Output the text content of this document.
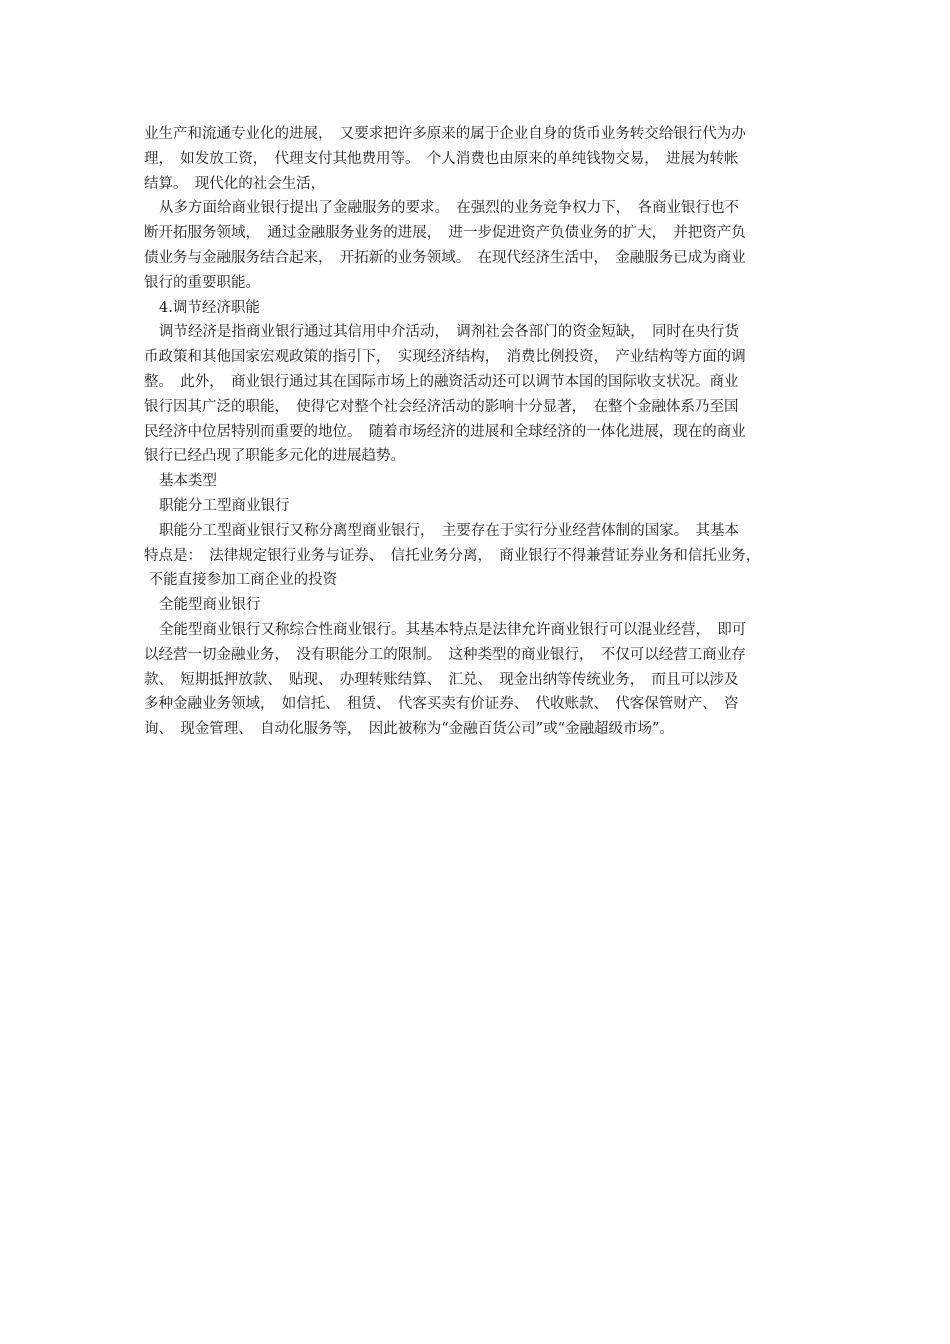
业生产和流通专业化的进展，　又要求把许多原来的属于企业自身的货币业务转交给银行代为办
理，　如发放工资，　代理支付其他费用等。　个人消费也由原来的单纯钱物交易，　进展为转帐
结算。　现代化的社会生活，
从多方面给商业银行提出了金融服务的要求。　在强烈的业务竞争权力下，　各商业银行也不
断开拓服务领域，　通过金融服务业务的进展，　进一步促进资产负债业务的扩大，　并把资产负
债业务与金融服务结合起来，　开拓新的业务领域。　在现代经济生活中，　金融服务已成为商业
银行的重要职能。
4.调节经济职能
调节经济是指商业银行通过其信用中介活动，　调剂社会各部门的资金短缺，　同时在央行货
币政策和其他国家宏观政策的指引下，　实现经济结构，　消费比例投资，　产业结构等方面的调
整。　此外，　商业银行通过其在国际市场上的融资活动还可以调节本国的国际收支状况。商业
银行因其广泛的职能，　使得它对整个社会经济活动的影响十分显著，　在整个金融体系乃至国
民经济中位居特别而重要的地位。　随着市场经济的进展和全球经济的一体化进展，现在的商业
银行已经凸现了职能多元化的进展趋势。
基本类型
职能分工型商业银行
职能分工型商业银行又称分离型商业银行，　主要存在于实行分业经营体制的国家。　其基本
特点是：　法律规定银行业务与证券、　信托业务分离，　商业银行不得兼营证券业务和信托业务，
不能直接参加工商企业的投资
全能型商业银行
全能型商业银行又称综合性商业银行。其基本特点是法律允许商业银行可以混业经营，　即可
以经营一切金融业务，　没有职能分工的限制。　这种类型的商业银行，　不仅可以经营工商业存
款、　短期抵押放款、　贴现、　办理转账结算、　汇兑、　现金出纳等传统业务，　而且可以涉及
多种金融业务领域，　如信托、　租赁、　代客买卖有价证券、　代收账款、　代客保管财产、　咨
询、　现金管理、　自动化服务等，　因此被称为“金融百货公司”或“金融超级市场”。
